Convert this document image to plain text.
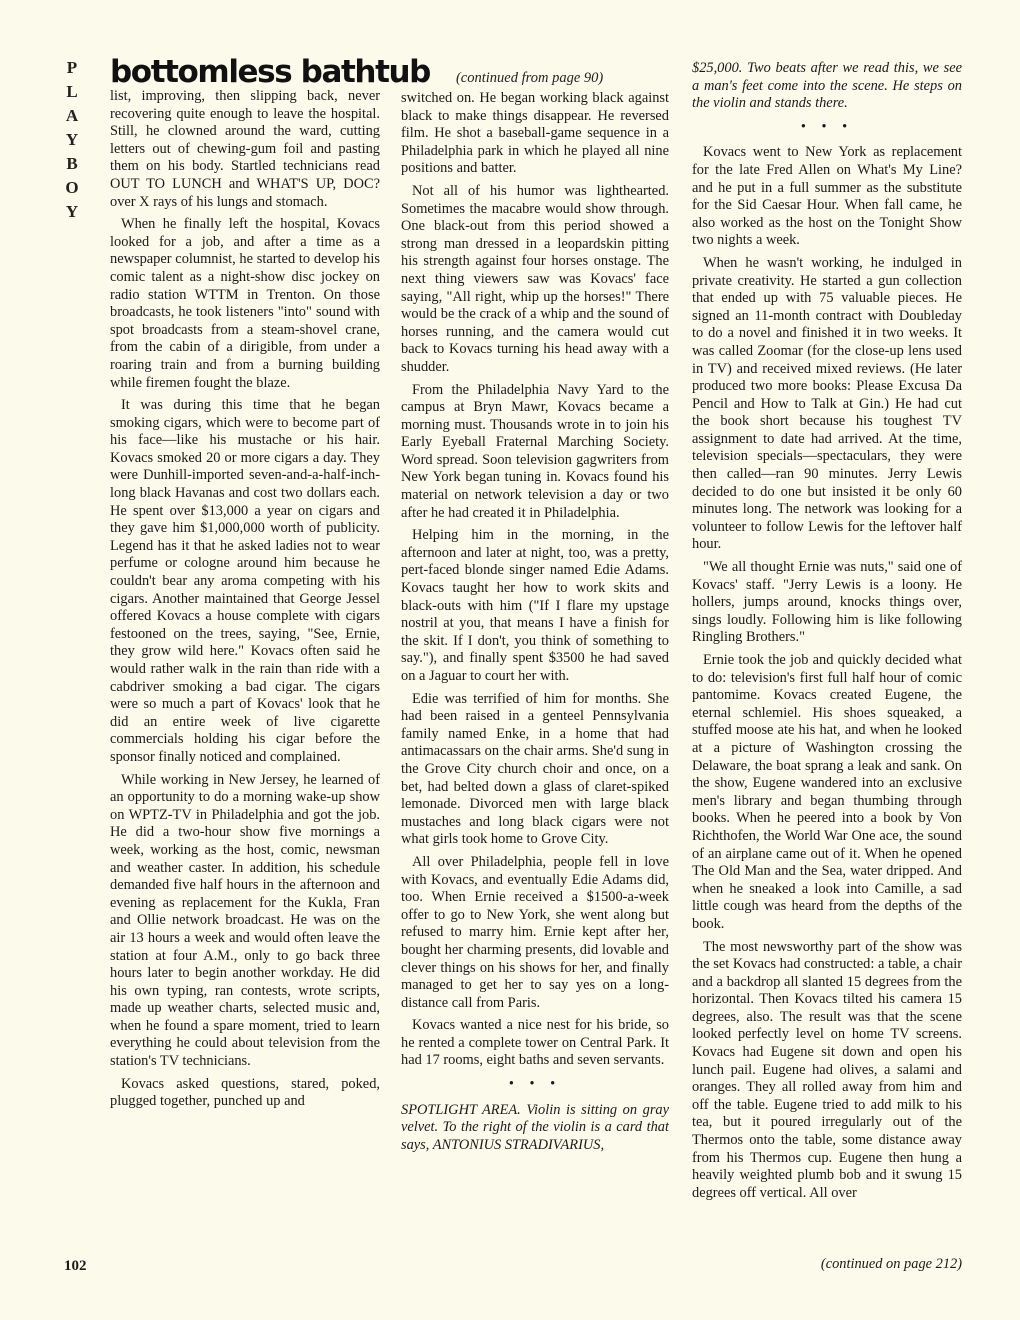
P
L
A
Y
B
O
Y
bottomless bathtub (continued from page 90)

list, improving, then slipping back, never recovering quite enough to leave the hospital. Still, he clowned around the ward, cutting letters out of chewing-gum foil and pasting them on his body. Startled technicians read OUT TO LUNCH and WHAT'S UP, DOC? over X rays of his lungs and stomach.

When he finally left the hospital, Kovacs looked for a job, and after a time as a newspaper columnist, he started to develop his comic talent as a night-show disc jockey on radio station WTTM in Trenton. On those broadcasts, he took listeners "into" sound with spot broadcasts from a steam-shovel crane, from the cabin of a dirigible, from under a roaring train and from a burning building while firemen fought the blaze.

It was during this time that he began smoking cigars, which were to become part of his face—like his mustache or his hair. Kovacs smoked 20 or more cigars a day. They were Dunhill-imported seven-and-a-half-inch-long black Havanas and cost two dollars each. He spent over $13,000 a year on cigars and they gave him $1,000,000 worth of publicity. Legend has it that he asked ladies not to wear perfume or cologne around him because he couldn't bear any aroma competing with his cigars. Another maintained that George Jessel offered Kovacs a house complete with cigars festooned on the trees, saying, "See, Ernie, they grow wild here." Kovacs often said he would rather walk in the rain than ride with a cabdriver smoking a bad cigar. The cigars were so much a part of Kovacs' look that he did an entire week of live cigarette commercials holding his cigar before the sponsor finally noticed and complained.

While working in New Jersey, he learned of an opportunity to do a morning wake-up show on WPTZ-TV in Philadelphia and got the job. He did a two-hour show five mornings a week, working as the host, comic, newsman and weather caster. In addition, his schedule demanded five half hours in the afternoon and evening as replacement for the Kukla, Fran and Ollie network broadcast. He was on the air 13 hours a week and would often leave the station at four A.M., only to go back three hours later to begin another workday. He did his own typing, ran contests, wrote scripts, made up weather charts, selected music and, when he found a spare moment, tried to learn everything he could about television from the station's TV technicians.

Kovacs asked questions, stared, poked, plugged together, punched up and

switched on. He began working black against black to make things disappear. He reversed film. He shot a baseball-game sequence in a Philadelphia park in which he played all nine positions and batter.

Not all of his humor was lighthearted. Sometimes the macabre would show through. One black-out from this period showed a strong man dressed in a leopardskin pitting his strength against four horses onstage. The next thing viewers saw was Kovacs' face saying, "All right, whip up the horses!" There would be the crack of a whip and the sound of horses running, and the camera would cut back to Kovacs turning his head away with a shudder.

From the Philadelphia Navy Yard to the campus at Bryn Mawr, Kovacs became a morning must. Thousands wrote in to join his Early Eyeball Fraternal Marching Society. Word spread. Soon television gagwriters from New York began tuning in. Kovacs found his material on network television a day or two after he had created it in Philadelphia.

Helping him in the morning, in the afternoon and later at night, too, was a pretty, pert-faced blonde singer named Edie Adams. Kovacs taught her how to work skits and black-outs with him ("If I flare my upstage nostril at you, that means I have a finish for the skit. If I don't, you think of something to say."), and finally spent $3500 he had saved on a Jaguar to court her with.

Edie was terrified of him for months. She had been raised in a genteel Pennsylvania family named Enke, in a home that had antimacassars on the chair arms. She'd sung in the Grove City church choir and once, on a bet, had belted down a glass of claret-spiked lemonade. Divorced men with large black mustaches and long black cigars were not what girls took home to Grove City.

All over Philadelphia, people fell in love with Kovacs, and eventually Edie Adams did, too. When Ernie received a $1500-a-week offer to go to New York, she went along but refused to marry him. Ernie kept after her, bought her charming presents, did lovable and clever things on his shows for her, and finally managed to get her to say yes on a long-distance call from Paris.

Kovacs wanted a nice nest for his bride, so he rented a complete tower on Central Park. It had 17 rooms, eight baths and seven servants.

• • •

SPOTLIGHT AREA. Violin is sitting on gray velvet. To the right of the violin is a card that says, ANTONIUS STRADIVARIUS,

$25,000. Two beats after we read this, we see a man's feet come into the scene. He steps on the violin and stands there.

• • •

Kovacs went to New York as replacement for the late Fred Allen on What's My Line? and he put in a full summer as the substitute for the Sid Caesar Hour. When fall came, he also worked as the host on the Tonight Show two nights a week.

When he wasn't working, he indulged in private creativity. He started a gun collection that ended up with 75 valuable pieces. He signed an 11-month contract with Doubleday to do a novel and finished it in two weeks. It was called Zoomar (for the close-up lens used in TV) and received mixed reviews. (He later produced two more books: Please Excusa Da Pencil and How to Talk at Gin.) He had cut the book short because his toughest TV assignment to date had arrived. At the time, television specials—spectaculars, they were then called—ran 90 minutes. Jerry Lewis decided to do one but insisted it be only 60 minutes long. The network was looking for a volunteer to follow Lewis for the leftover half hour.

"We all thought Ernie was nuts," said one of Kovacs' staff. "Jerry Lewis is a loony. He hollers, jumps around, knocks things over, sings loudly. Following him is like following Ringling Brothers."

Ernie took the job and quickly decided what to do: television's first full half hour of comic pantomime. Kovacs created Eugene, the eternal schlemiel. His shoes squeaked, a stuffed moose ate his hat, and when he looked at a picture of Washington crossing the Delaware, the boat sprang a leak and sank. On the show, Eugene wandered into an exclusive men's library and began thumbing through books. When he peered into a book by Von Richthofen, the World War One ace, the sound of an airplane came out of it. When he opened The Old Man and the Sea, water dripped. And when he sneaked a look into Camille, a sad little cough was heard from the depths of the book.

The most newsworthy part of the show was the set Kovacs had constructed: a table, a chair and a backdrop all slanted 15 degrees from the horizontal. Then Kovacs tilted his camera 15 degrees, also. The result was that the scene looked perfectly level on home TV screens. Kovacs had Eugene sit down and open his lunch pail. Eugene had olives, a salami and oranges. They all rolled away from him and off the table. Eugene tried to add milk to his tea, but it poured irregularly out of the Thermos onto the table, some distance away from his Thermos cup. Eugene then hung a heavily weighted plumb bob and it swung 15 degrees off vertical. All over

(continued on page 212)
102
